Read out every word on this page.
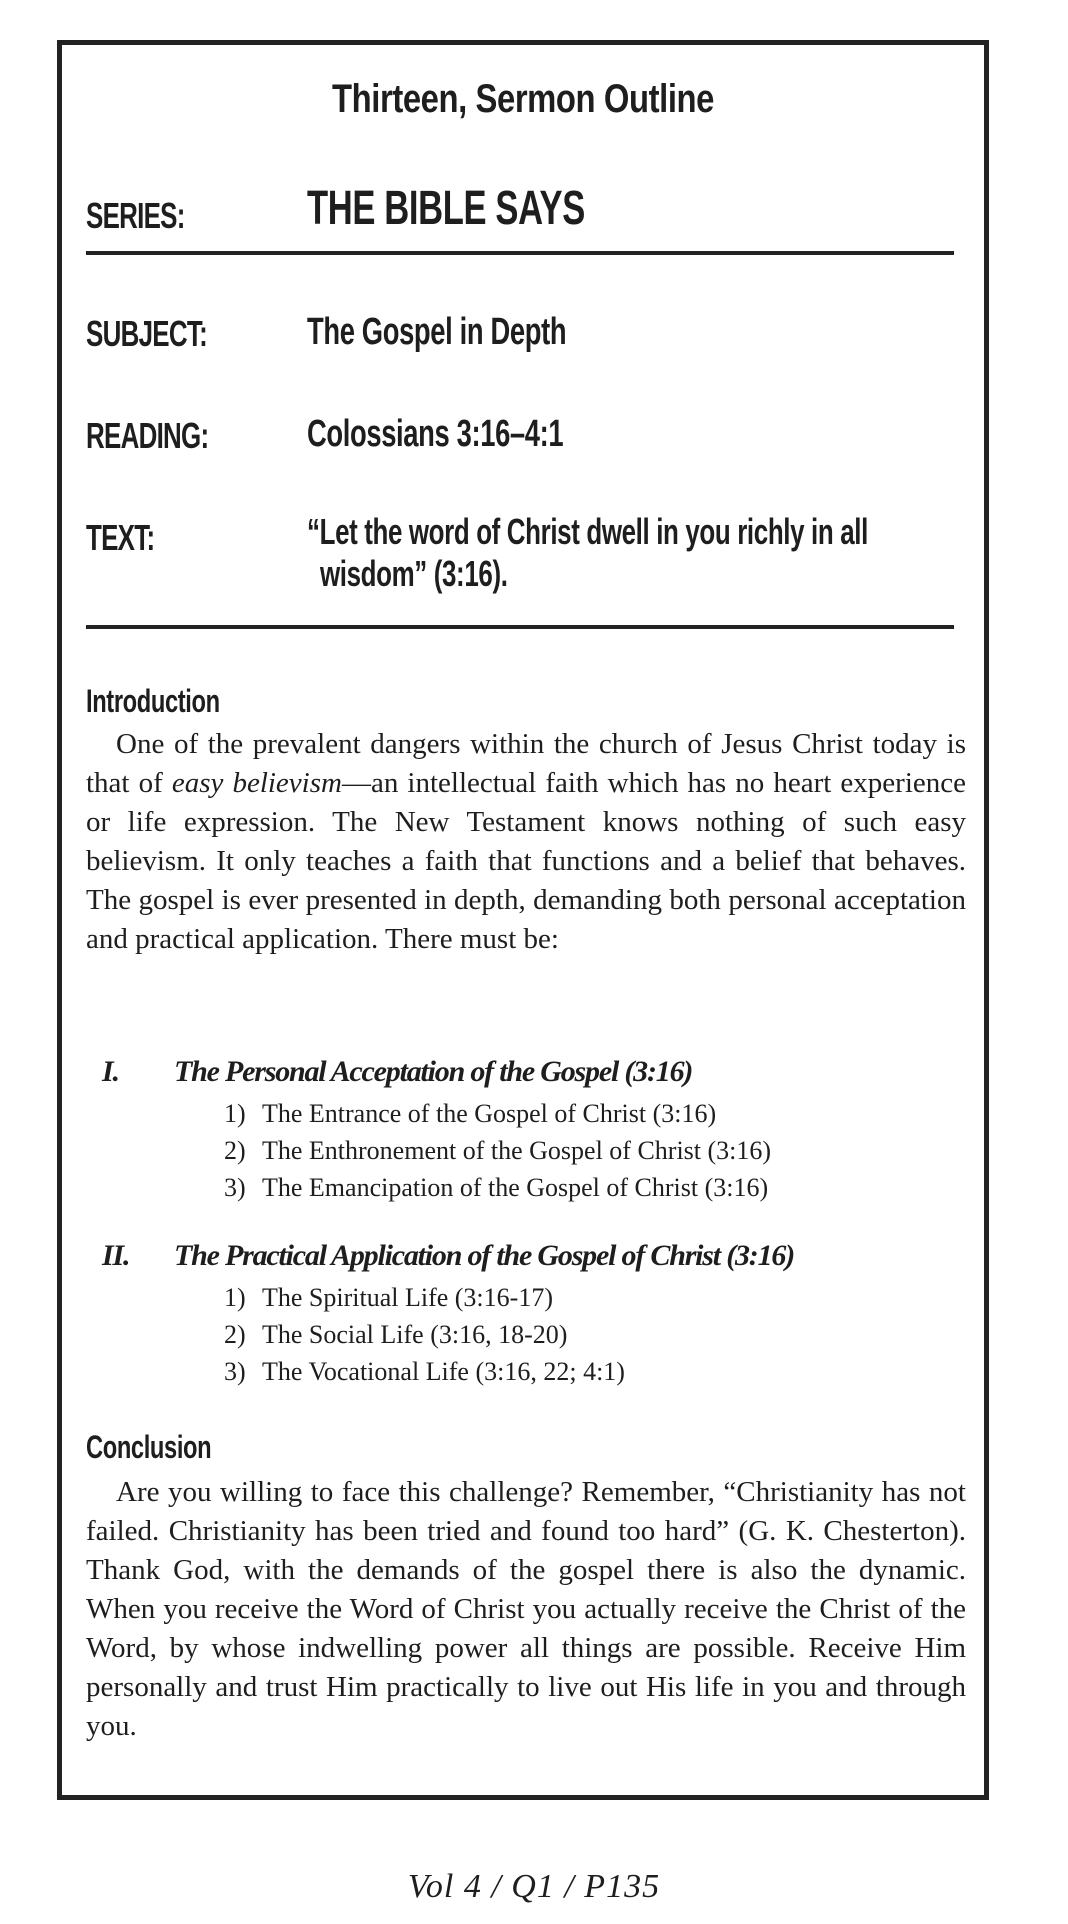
Thirteen, Sermon Outline
SERIES:	THE BIBLE SAYS
SUBJECT:	The Gospel in Depth
READING:	Colossians 3:16–4:1
TEXT:	“Let the word of Christ dwell in you richly in all
wisdom” (3:16).
Introduction

One of the prevalent dangers within the church of Jesus Christ today is that of easy believism—an intellectual faith which has no heart experience or life expression. The New Testament knows nothing of such easy believism. It only teaches a faith that functions and a belief that behaves. The gospel is ever presented in depth, demanding both personal acceptation and practical application. There must be:

I. The Personal Acceptation of the Gospel (3:16)
1) The Entrance of the Gospel of Christ (3:16)
2) The Enthronement of the Gospel of Christ (3:16)
3) The Emancipation of the Gospel of Christ (3:16)
II. The Practical Application of the Gospel of Christ (3:16)
1) The Spiritual Life (3:16-17)
2) The Social Life (3:16, 18-20)
3) The Vocational Life (3:16, 22; 4:1)
Conclusion

Are you willing to face this challenge? Remember, “Christianity has not failed. Christianity has been tried and found too hard” (G. K. Chesterton). Thank God, with the demands of the gospel there is also the dynamic. When you receive the Word of Christ you actually receive the Christ of the Word, by whose indwelling power all things are possible. Receive Him personally and trust Him practically to live out His life in you and through you.

Vol 4 / Q1 / P135
